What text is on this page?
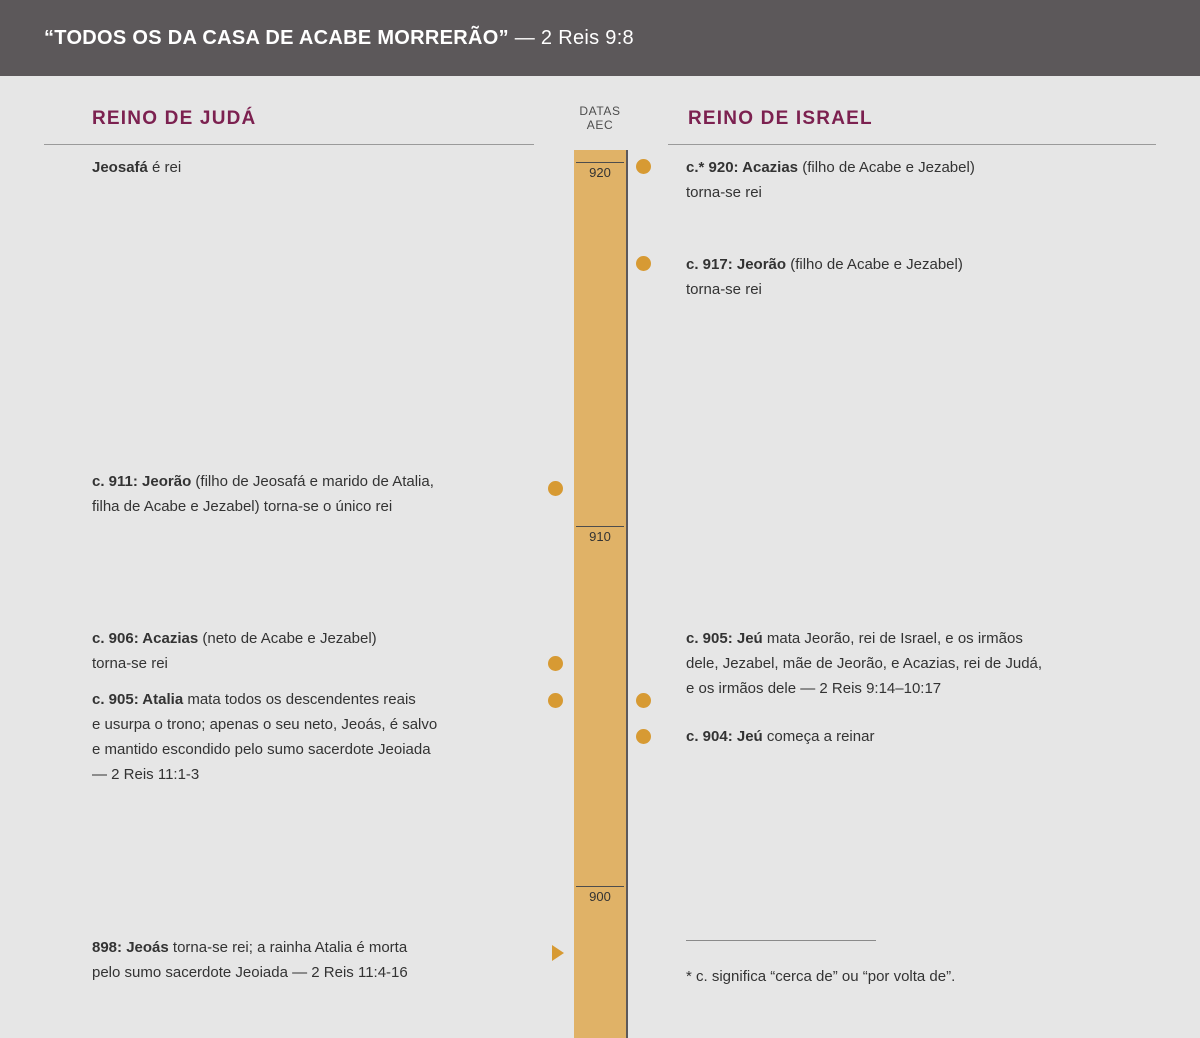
“TODOS OS DA CASA DE ACABE MORRERÃO” — 2 Reis 9:8
REINO DE JUDÁ	REINO DE ISRAEL
DATAS
AEC
920
910
900
Jeosafá é rei
c. 911: Jeorão (filho de Jeosafá e marido de Atalia,
filha de Acabe e Jezabel) torna-se o único rei
c. 906: Acazias (neto de Acabe e Jezabel)
torna-se rei
c. 905: Atalia mata todos os descendentes reais
e usurpa o trono; apenas o seu neto, Jeoás, é salvo
e mantido escondido pelo sumo sacerdote Jeoiada
— 2 Reis 11:1-3
898: Jeoás torna-se rei; a rainha Atalia é morta
pelo sumo sacerdote Jeoiada — 2 Reis 11:4-16
c.* 920: Acazias (filho de Acabe e Jezabel)
torna-se rei
c. 917: Jeorão (filho de Acabe e Jezabel)
torna-se rei
c. 905: Jeú mata Jeorão, rei de Israel, e os irmãos
dele, Jezabel, mãe de Jeorão, e Acazias, rei de Judá,
e os irmãos dele — 2 Reis 9:14–10:17
c. 904: Jeú começa a reinar
* c. significa “cerca de” ou “por volta de”.
